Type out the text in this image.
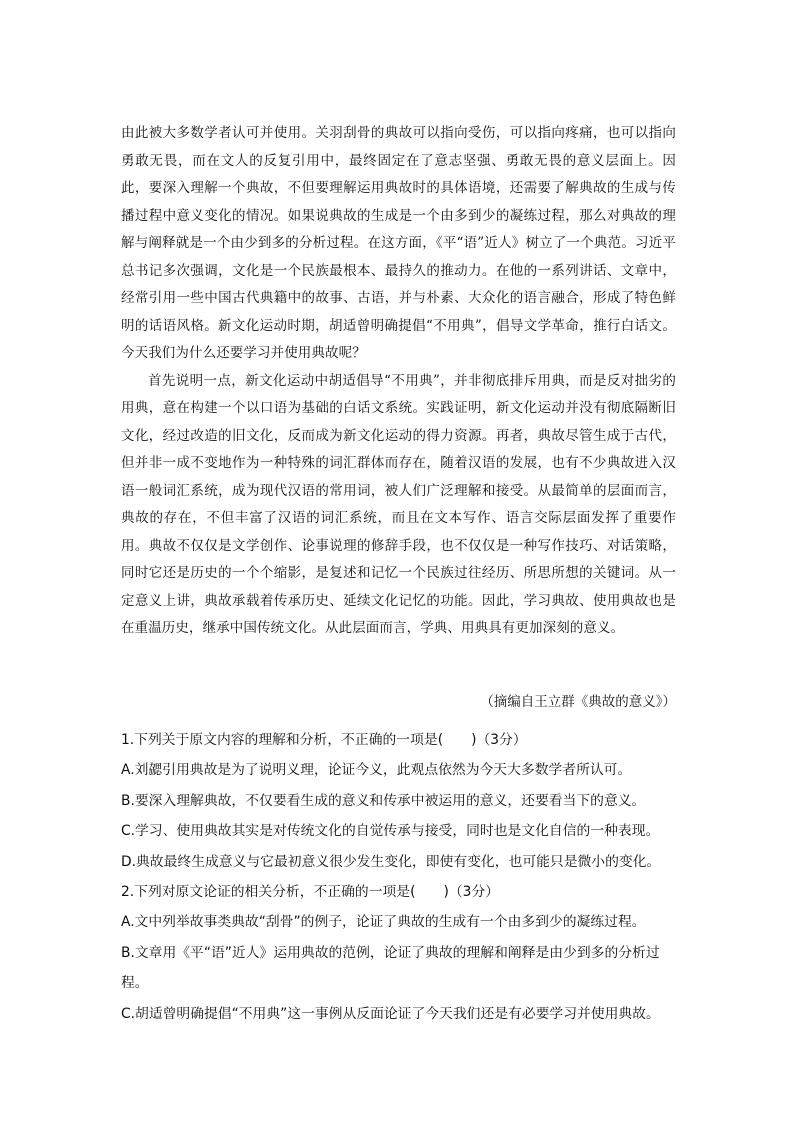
由此被大多数学者认可并使用。关羽刮骨的典故可以指向受伤，可以指向疼痛，也可以指向勇敢无畏，而在文人的反复引用中，最终固定在了意志坚强、勇敢无畏的意义层面上。因此，要深入理解一个典故，不但要理解运用典故时的具体语境，还需要了解典故的生成与传播过程中意义变化的情况。如果说典故的生成是一个由多到少的凝练过程，那么对典故的理解与阐释就是一个由少到多的分析过程。在这方面，《平“语”近人》树立了一个典范。习近平总书记多次强调，文化是一个民族最根本、最持久的推动力。在他的一系列讲话、文章中，经常引用一些中国古代典籍中的故事、古语，并与朴素、大众化的语言融合，形成了特色鲜明的话语风格。新文化运动时期，胡适曾明确提倡“不用典”，倡导文学革命，推行白话文。今天我们为什么还要学习并使用典故呢？

首先说明一点，新文化运动中胡适倡导“不用典”，并非彻底排斥用典，而是反对拙劣的用典，意在构建一个以口语为基础的白话文系统。实践证明，新文化运动并没有彻底隔断旧文化，经过改造的旧文化，反而成为新文化运动的得力资源。再者，典故尽管生成于古代，但并非一成不变地作为一种特殊的词汇群体而存在，随着汉语的发展，也有不少典故进入汉语一般词汇系统，成为现代汉语的常用词，被人们广泛理解和接受。从最简单的层面而言，典故的存在，不但丰富了汉语的词汇系统，而且在文本写作、语言交际层面发挥了重要作用。典故不仅仅是文学创作、论事说理的修辞手段，也不仅仅是一种写作技巧、对话策略，同时它还是历史的一个个缩影，是复述和记忆一个民族过往经历、所思所想的关键词。从一定意义上讲，典故承载着传承历史、延续文化记忆的功能。因此，学习典故、使用典故也是在重温历史，继承中国传统文化。从此层面而言，学典、用典具有更加深刻的意义。

（摘编自王立群《典故的意义》）
1.下列关于原文内容的理解和分析，不正确的一项是( )（3分）
A.刘勰引用典故是为了说明义理，论证今义，此观点依然为今天大多数学者所认可。
B.要深入理解典故，不仅要看生成的意义和传承中被运用的意义，还要看当下的意义。
C.学习、使用典故其实是对传统文化的自觉传承与接受，同时也是文化自信的一种表现。
D.典故最终生成意义与它最初意义很少发生变化，即使有变化，也可能只是微小的变化。
2.下列对原文论证的相关分析，不正确的一项是( )（3分）
A.文中列举故事类典故“刮骨”的例子，论证了典故的生成有一个由多到少的凝练过程。
B.文章用《平“语”近人》运用典故的范例，论证了典故的理解和阐释是由少到多的分析过程。
C.胡适曾明确提倡“不用典”这一事例从反面论证了今天我们还是有必要学习并使用典故。
